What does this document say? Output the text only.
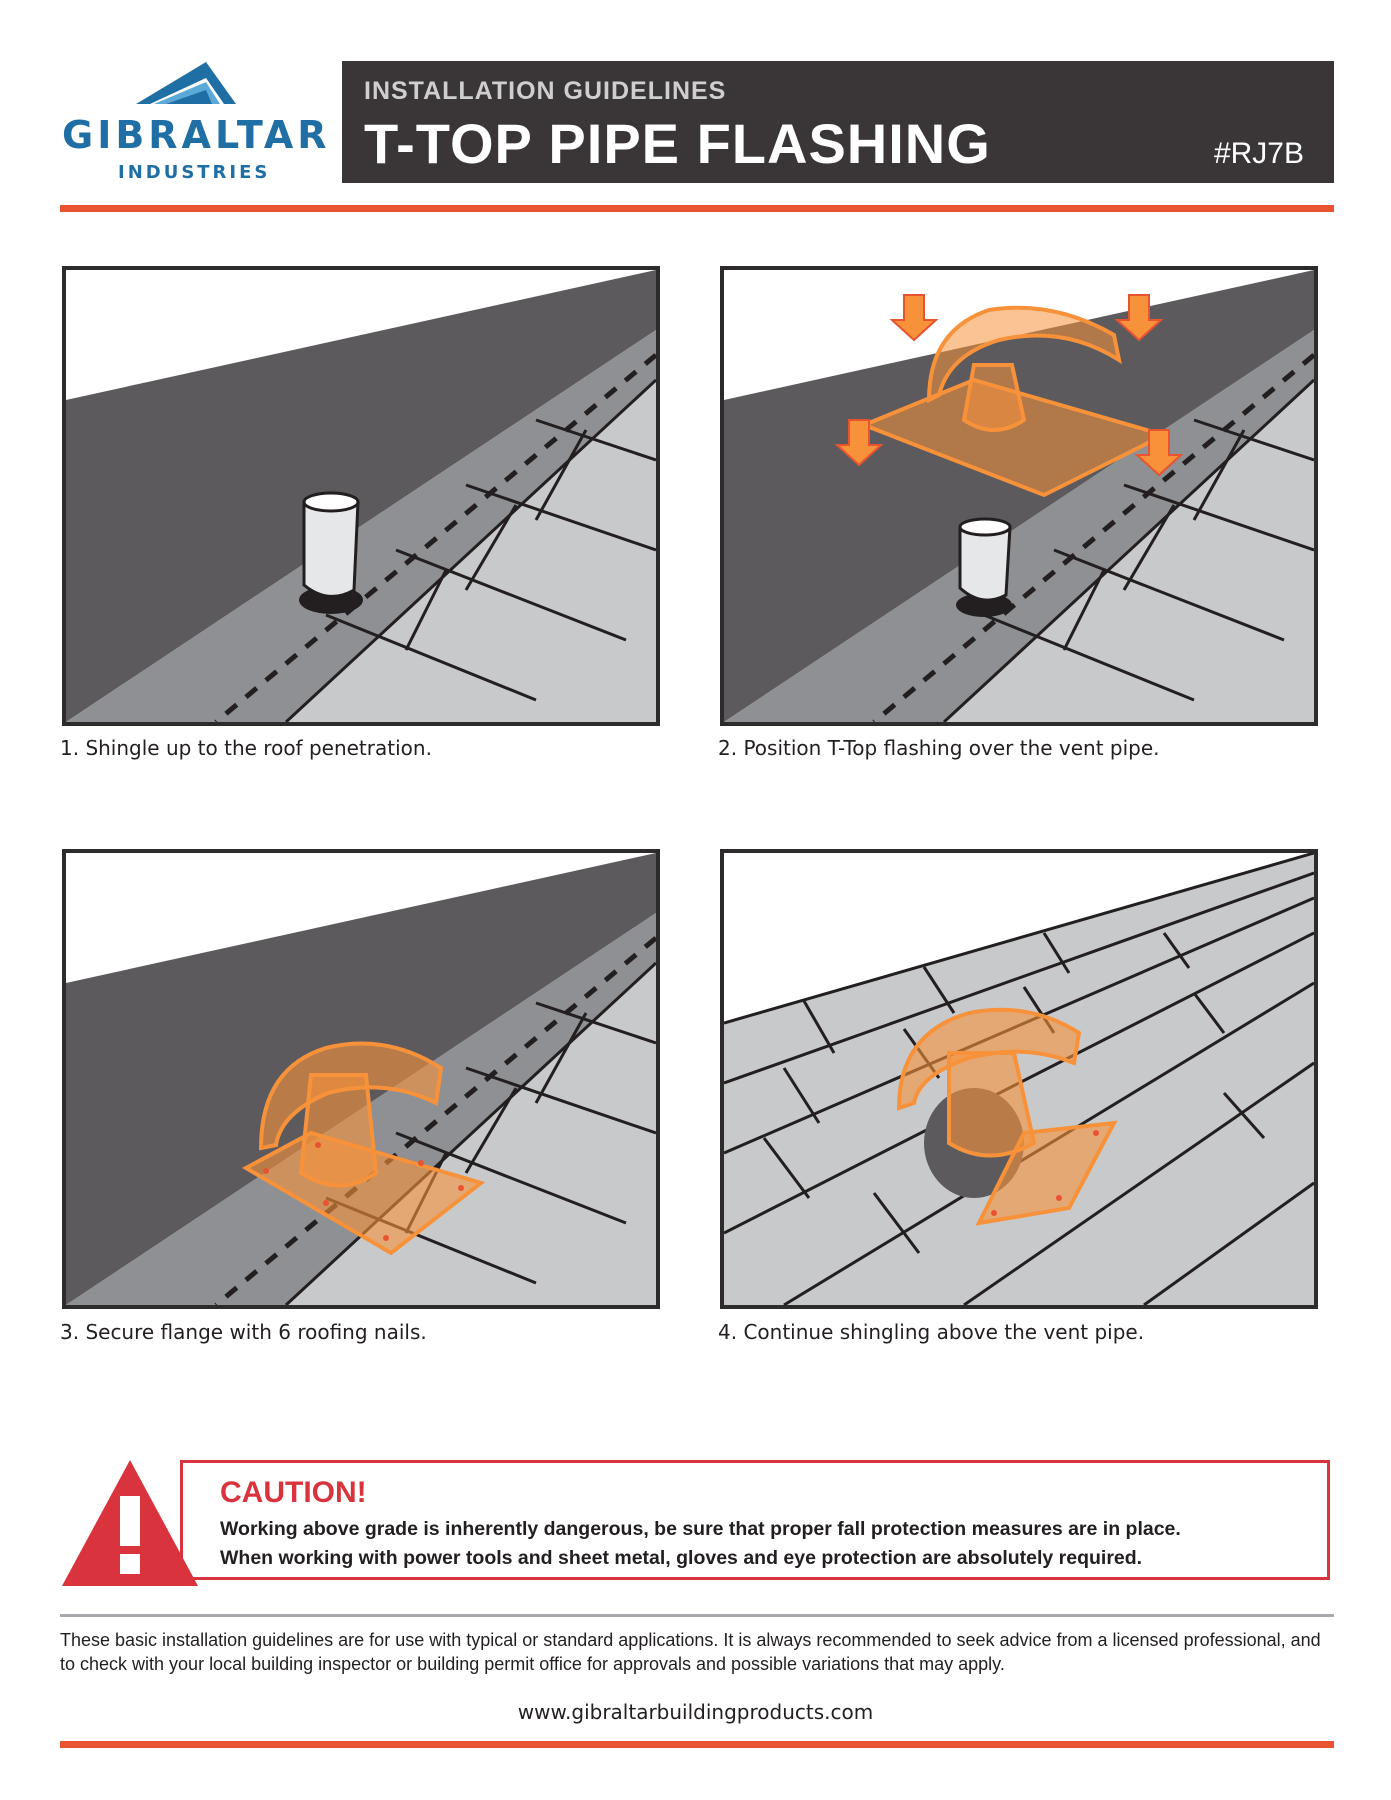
GIBRALTAR
INDUSTRIES
INSTALLATION GUIDELINES
T-TOP PIPE FLASHING	#RJ7B
1. Shingle up to the roof penetration.	2. Position T-Top flashing over the vent pipe.
3. Secure flange with 6 roofing nails.	4. Continue shingling above the vent pipe.
CAUTION!
Working above grade is inherently dangerous, be sure that proper fall protection measures are in place.
When working with power tools and sheet metal, gloves and eye protection are absolutely required.
These basic installation guidelines are for use with typical or standard applications. It is always recommended to seek advice from a licensed professional, and to check with your local building inspector or building permit office for approvals and possible variations that may apply.
www.gibraltarbuildingproducts.com
